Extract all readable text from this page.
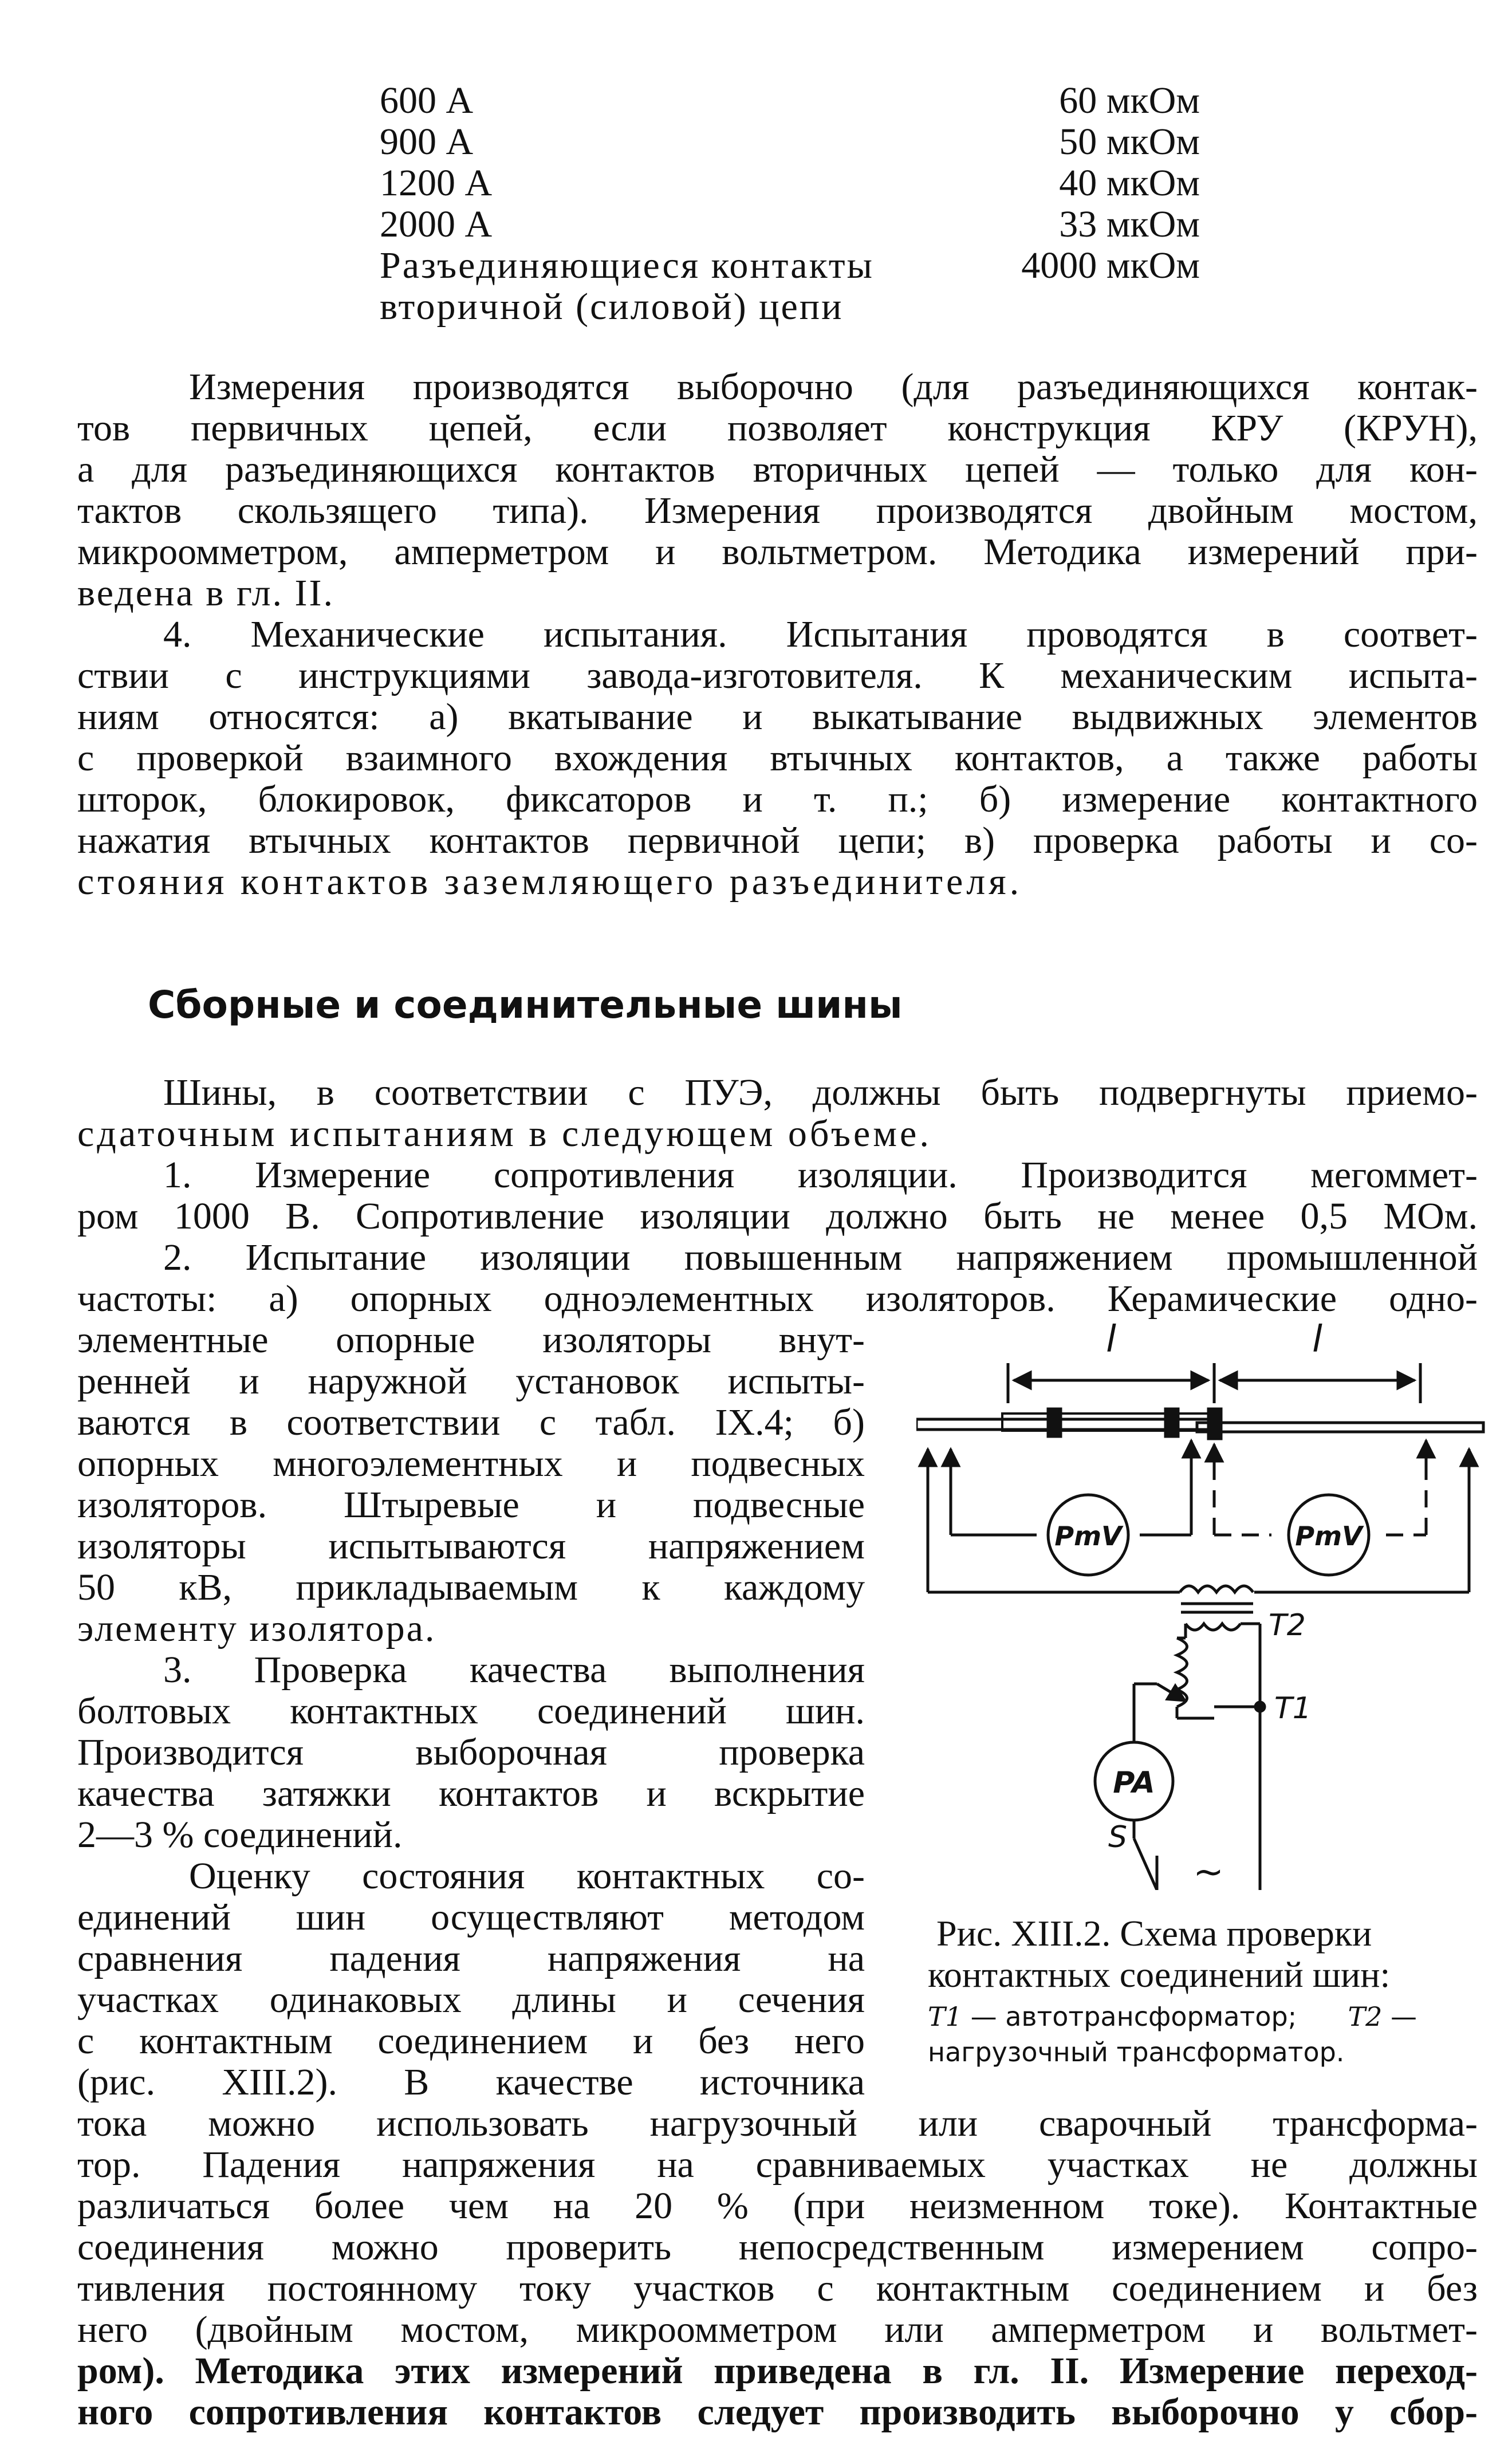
600 А	60 мкОм
900 А	50 мкОм
1200 А	40 мкОм
2000 А	33 мкОм
Разъединяющиеся контакты	4000 мкОм
вторичной (силовой) цепи
Измерения производятся выборочно (для разъединяющихся контак-
тов первичных цепей, если позволяет конструкция КРУ (КРУН),
а для разъединяющихся контактов вторичных цепей — только для кон-
тактов скользящего типа). Измерения производятся двойным мостом,
микроомметром, амперметром и вольтметром. Методика измерений при-
ведена в гл. II.
4. Механические испытания. Испытания проводятся в соответ-
ствии с инструкциями завода-изготовителя. К механическим испыта-
ниям относятся: а) вкатывание и выкатывание выдвижных элементов
с проверкой взаимного вхождения втычных контактов, а также работы
шторок, блокировок, фиксаторов и т. п.; б) измерение контактного
нажатия втычных контактов первичной цепи; в) проверка работы и со-
стояния контактов заземляющего разъединителя.
Сборные и соединительные шины
Шины, в соответствии с ПУЭ, должны быть подвергнуты приемо-
сдаточным испытаниям в следующем объеме.
1. Измерение сопротивления изоляции. Производится мегоммет-
ром 1000 В. Сопротивление изоляции должно быть не менее 0,5 МОм.
2. Испытание изоляции повышенным напряжением промышленной
частоты: а) опорных одноэлементных изоляторов. Керамические одно-
элементные опорные изоляторы внут-
ренней и наружной установок испыты-
ваются в соответствии с табл. IX.4; б)
опорных многоэлементных и подвесных
изоляторов. Штыревые и подвесные
изоляторы испытываются напряжением
50 кВ, прикладываемым к каждому
элементу изолятора.
3. Проверка качества выполнения
болтовых контактных соединений шин.
Производится выборочная проверка
качества затяжки контактов и вскрытие
2—3 % соединений.
Оценку состояния контактных со-
единений шин осуществляют методом
сравнения падения напряжения на
участках одинаковых длины и сечения
с контактным соединением и без него
(рис. XIII.2). В качестве источника
l	l
PmV	PmV
PA
T2
T1
S
~
Рис. XIII.2. Схема проверки
контактных соединений шин:
T1 — автотрансформатор; T2 —
нагрузочный трансформатор.
тока можно использовать нагрузочный или сварочный трансформа-
тор. Падения напряжения на сравниваемых участках не должны
различаться более чем на 20 % (при неизменном токе). Контактные
соединения можно проверить непосредственным измерением сопро-
тивления постоянному току участков с контактным соединением и без
него (двойным мостом, микроомметром или амперметром и вольтмет-
ром). Методика этих измерений приведена в гл. II. Измерение переход-
ного сопротивления контактов следует производить выборочно у сбор-
